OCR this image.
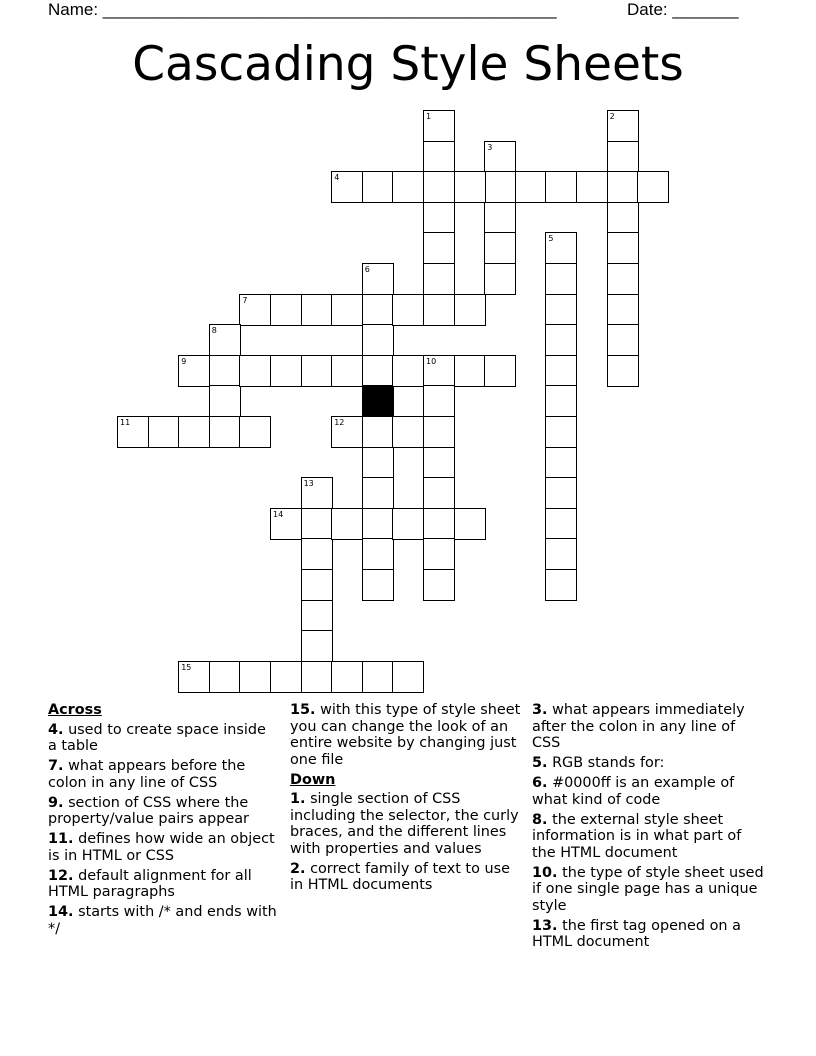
Name: ________________________________________________	Date: _______
Cascading Style Sheets
1	2
3
4
5
6
7
8
9	10
11	12
13
14
15
Across
4. used to create space inside a table
7. what appears before the colon in any line of CSS
9. section of CSS where the property/value pairs appear
11. defines how wide an object is in HTML or CSS
12. default alignment for all HTML paragraphs
14. starts with /* and ends with */
15. with this type of style sheet you can change the look of an entire website by changing just one file
Down
1. single section of CSS including the selector, the curly braces, and the different lines with properties and values
2. correct family of text to use in HTML documents
3. what appears immediately after the colon in any line of CSS
5. RGB stands for:
6. #0000ff is an example of what kind of code
8. the external style sheet information is in what part of the HTML document
10. the type of style sheet used if one single page has a unique style
13. the first tag opened on a HTML document
